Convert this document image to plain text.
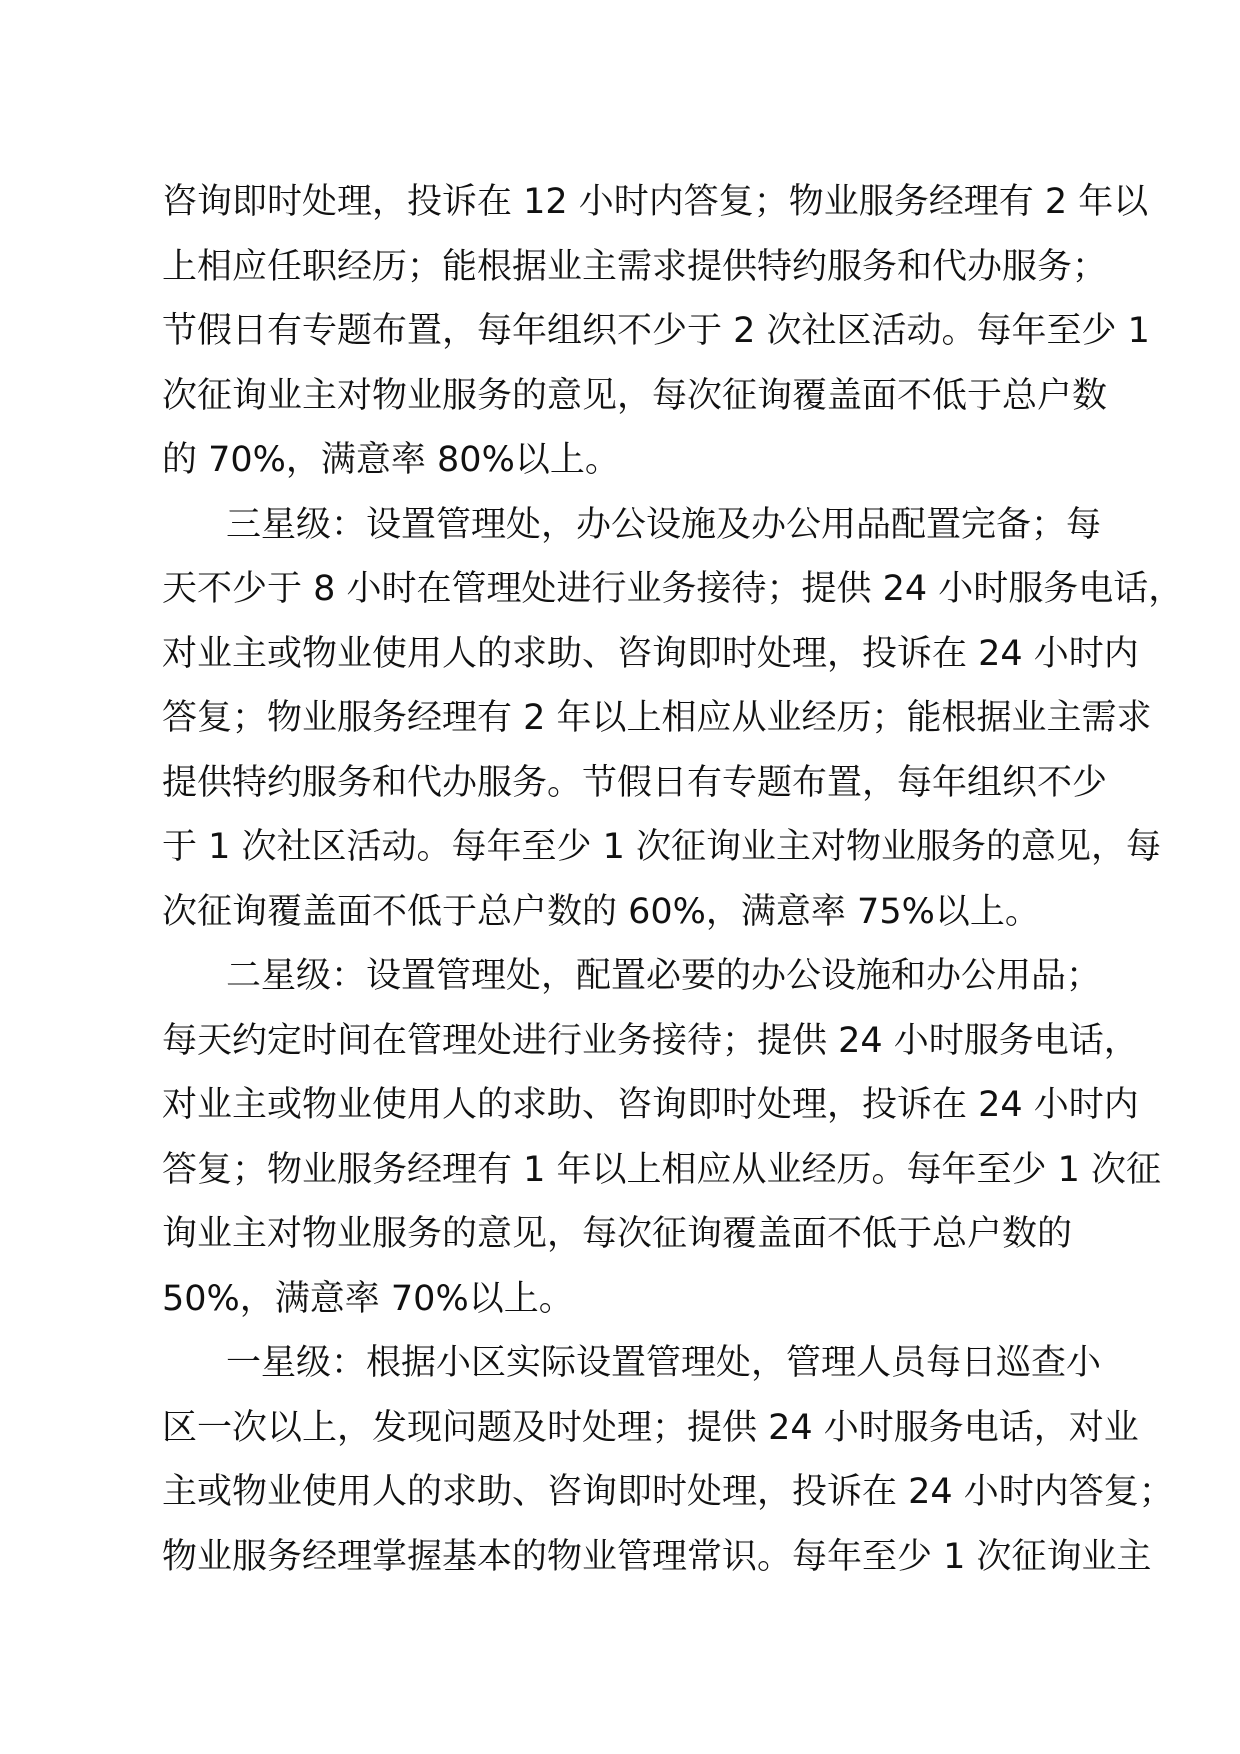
咨询即时处理，投诉在 12 小时内答复；物业服务经理有 2 年以
上相应任职经历；能根据业主需求提供特约服务和代办服务；
节假日有专题布置，每年组织不少于 2 次社区活动。每年至少 1
次征询业主对物业服务的意见，每次征询覆盖面不低于总户数
的 70%，满意率 80%以上。
三星级：设置管理处，办公设施及办公用品配置完备；每
天不少于 8 小时在管理处进行业务接待；提供 24 小时服务电话，
对业主或物业使用人的求助、咨询即时处理，投诉在 24 小时内
答复；物业服务经理有 2 年以上相应从业经历；能根据业主需求
提供特约服务和代办服务。节假日有专题布置，每年组织不少
于 1 次社区活动。每年至少 1 次征询业主对物业服务的意见，每
次征询覆盖面不低于总户数的 60%，满意率 75%以上。
二星级：设置管理处，配置必要的办公设施和办公用品；
每天约定时间在管理处进行业务接待；提供 24 小时服务电话，
对业主或物业使用人的求助、咨询即时处理，投诉在 24 小时内
答复；物业服务经理有 1 年以上相应从业经历。每年至少 1 次征
询业主对物业服务的意见，每次征询覆盖面不低于总户数的
50%，满意率 70%以上。
一星级：根据小区实际设置管理处，管理人员每日巡查小
区一次以上，发现问题及时处理；提供 24 小时服务电话，对业
主或物业使用人的求助、咨询即时处理，投诉在 24 小时内答复；
物业服务经理掌握基本的物业管理常识。每年至少 1 次征询业主
